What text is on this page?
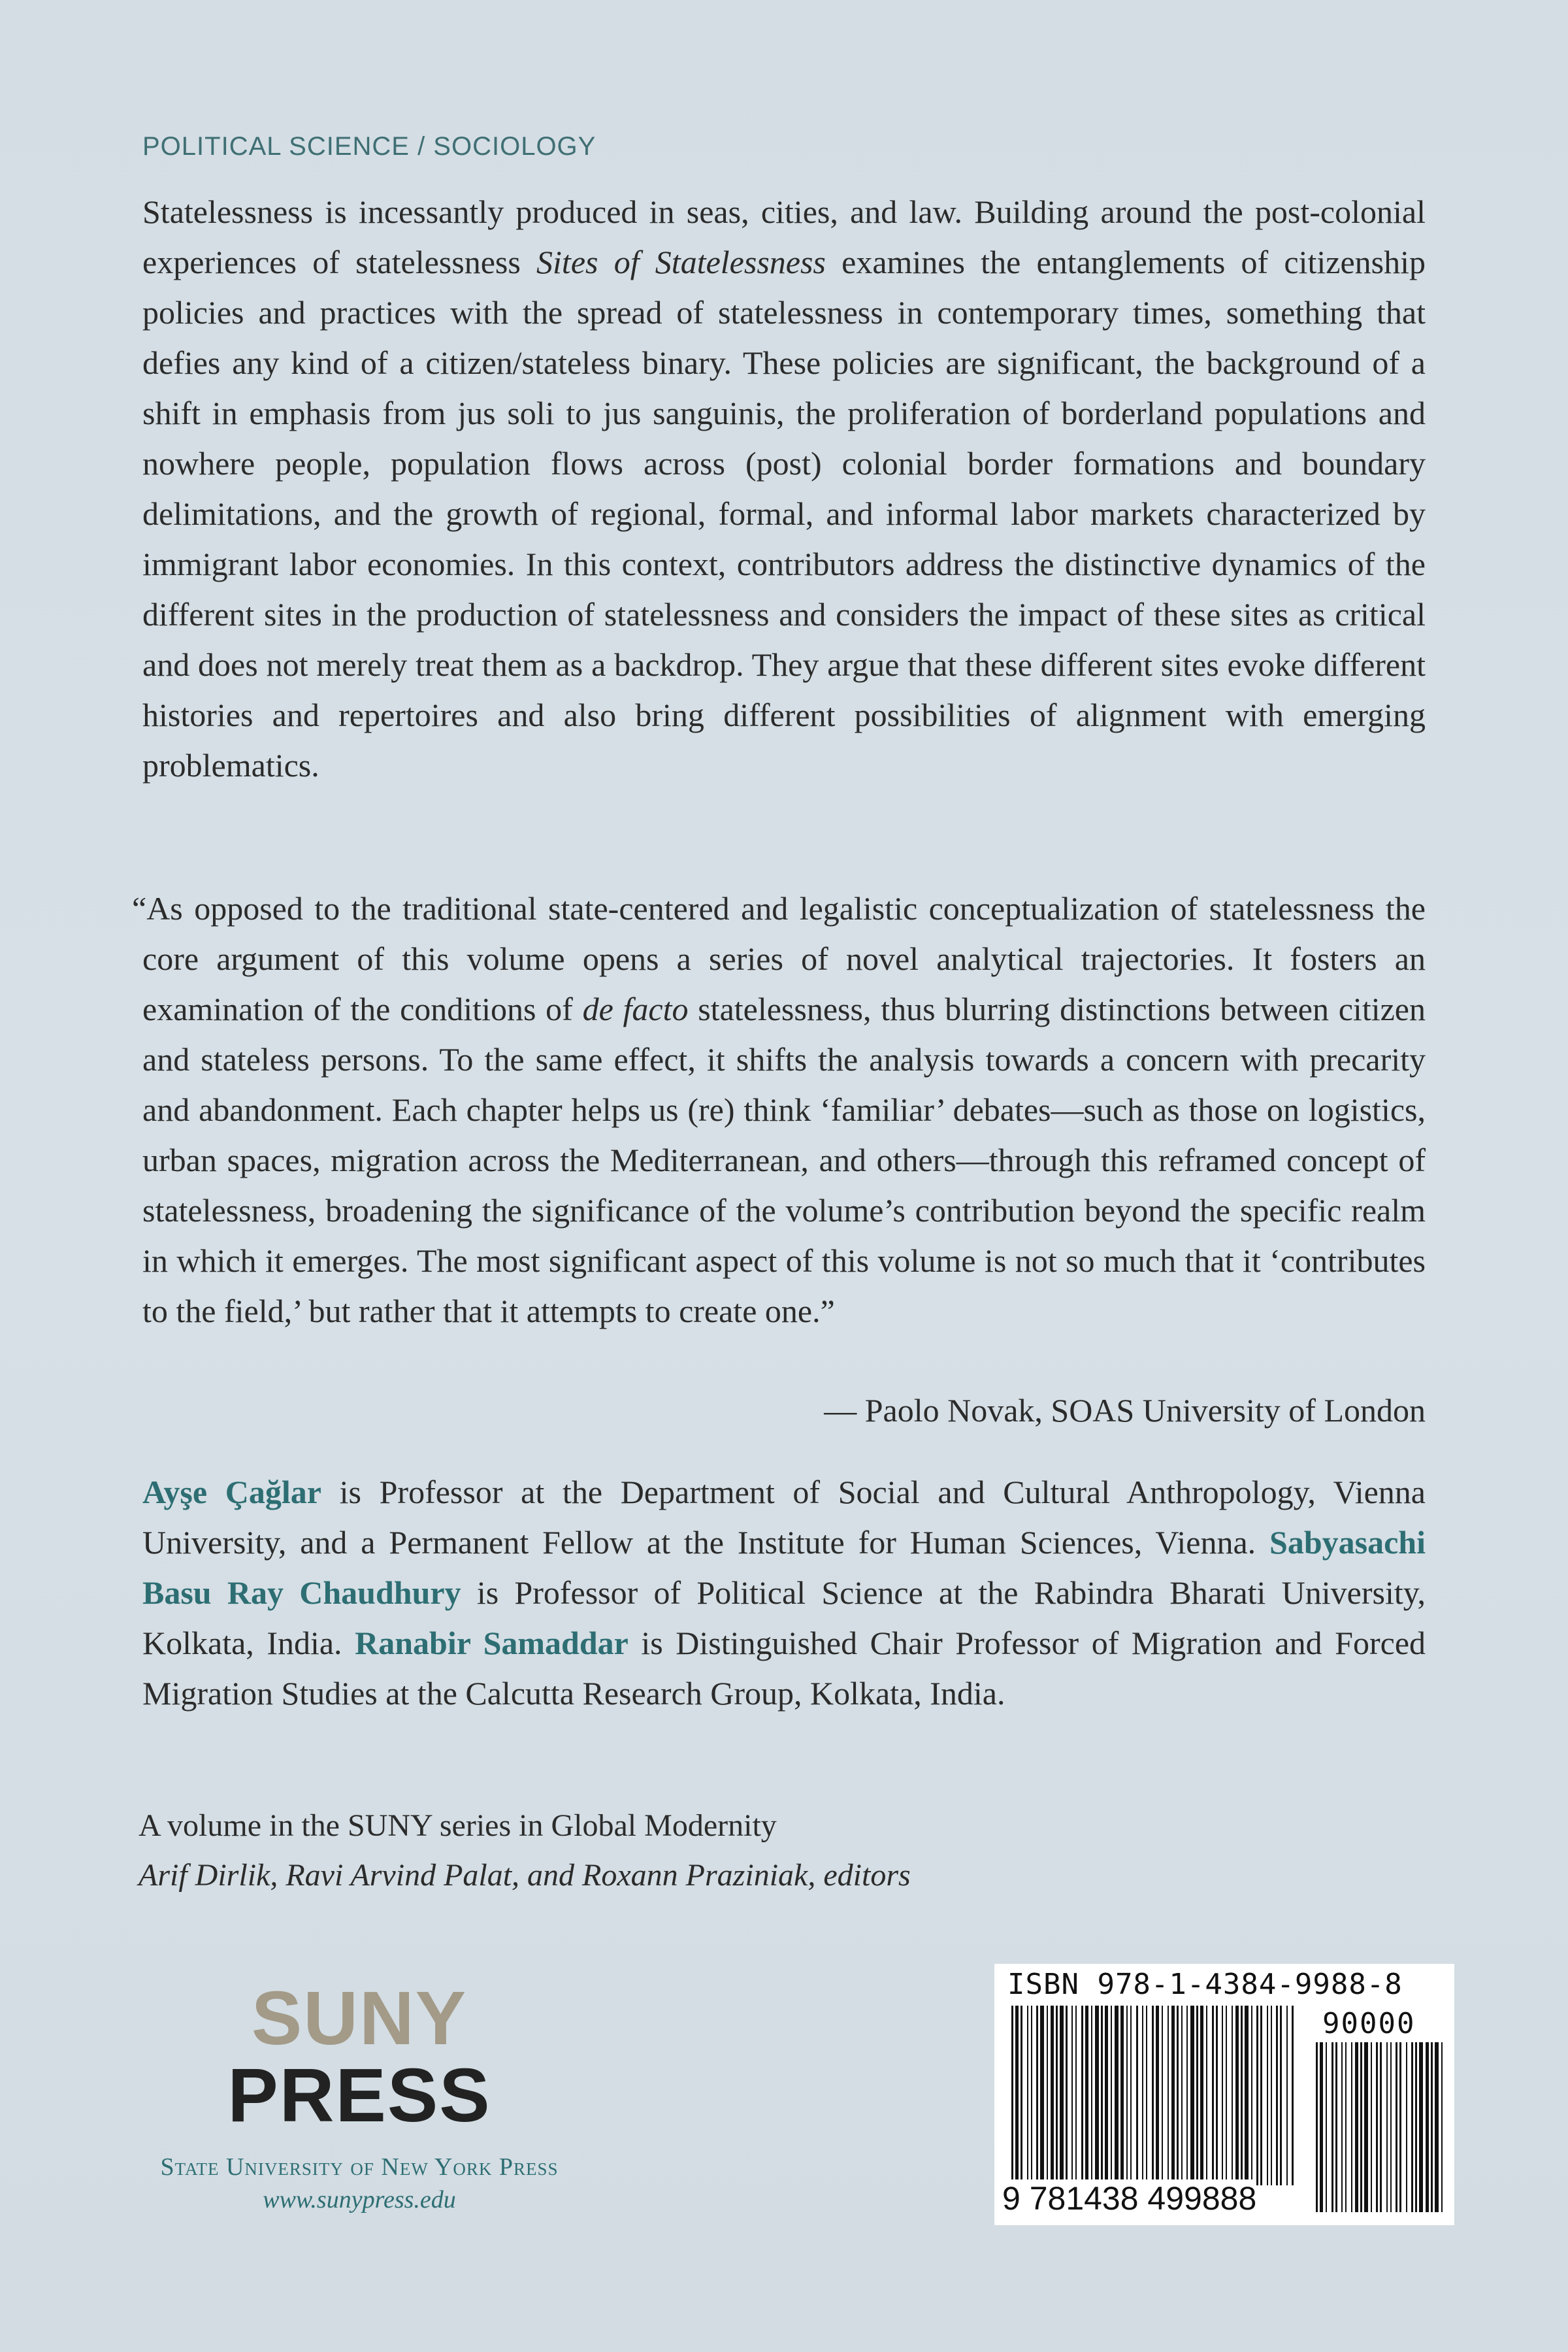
POLITICAL SCIENCE / SOCIOLOGY
Statelessness is incessantly produced in seas, cities, and law. Building around the post-colonial experiences of statelessness Sites of Statelessness examines the entanglements of citizenship policies and practices with the spread of statelessness in contemporary times, something that defies any kind of a citizen/stateless binary. These policies are significant, the background of a shift in emphasis from jus soli to jus sanguinis, the proliferation of borderland populations and nowhere people, population flows across (post) colonial border formations and boundary delimitations, and the growth of regional, formal, and informal labor markets characterized by immigrant labor economies. In this context, contributors address the distinctive dynamics of the different sites in the production of statelessness and considers the impact of these sites as critical and does not merely treat them as a backdrop. They argue that these different sites evoke different histories and repertoires and also bring different possibilities of alignment with emerging problematics.
“As opposed to the traditional state-centered and legalistic conceptualization of statelessness the core argument of this volume opens a series of novel analytical trajectories. It fosters an examination of the conditions of de facto statelessness, thus blurring distinctions between citizen and stateless persons. To the same effect, it shifts the analysis towards a concern with precarity and abandonment. Each chapter helps us (re) think ‘familiar’ debates—such as those on logistics, urban spaces, migration across the Mediterranean, and others—through this reframed concept of statelessness, broadening the significance of the volume’s contribution beyond the specific realm in which it emerges. The most significant aspect of this volume is not so much that it ‘contributes to the field,’ but rather that it attempts to create one.”
— Paolo Novak, SOAS University of London
Ayşe Çağlar is Professor at the Department of Social and Cultural Anthropology, Vienna University, and a Permanent Fellow at the Institute for Human Sciences, Vienna. Sabyasachi Basu Ray Chaudhury is Professor of Political Science at the Rabindra Bharati University, Kolkata, India. Ranabir Samaddar is Distinguished Chair Professor of Migration and Forced Migration Studies at the Calcutta Research Group, Kolkata, India.
A volume in the SUNY series in Global Modernity
Arif Dirlik, Ravi Arvind Palat, and Roxann Praziniak, editors
SUNY
PRESS
State University of New York Press
www.sunypress.edu
ISBN 978-1-4384-9988-8
90000
9 781438 499888
